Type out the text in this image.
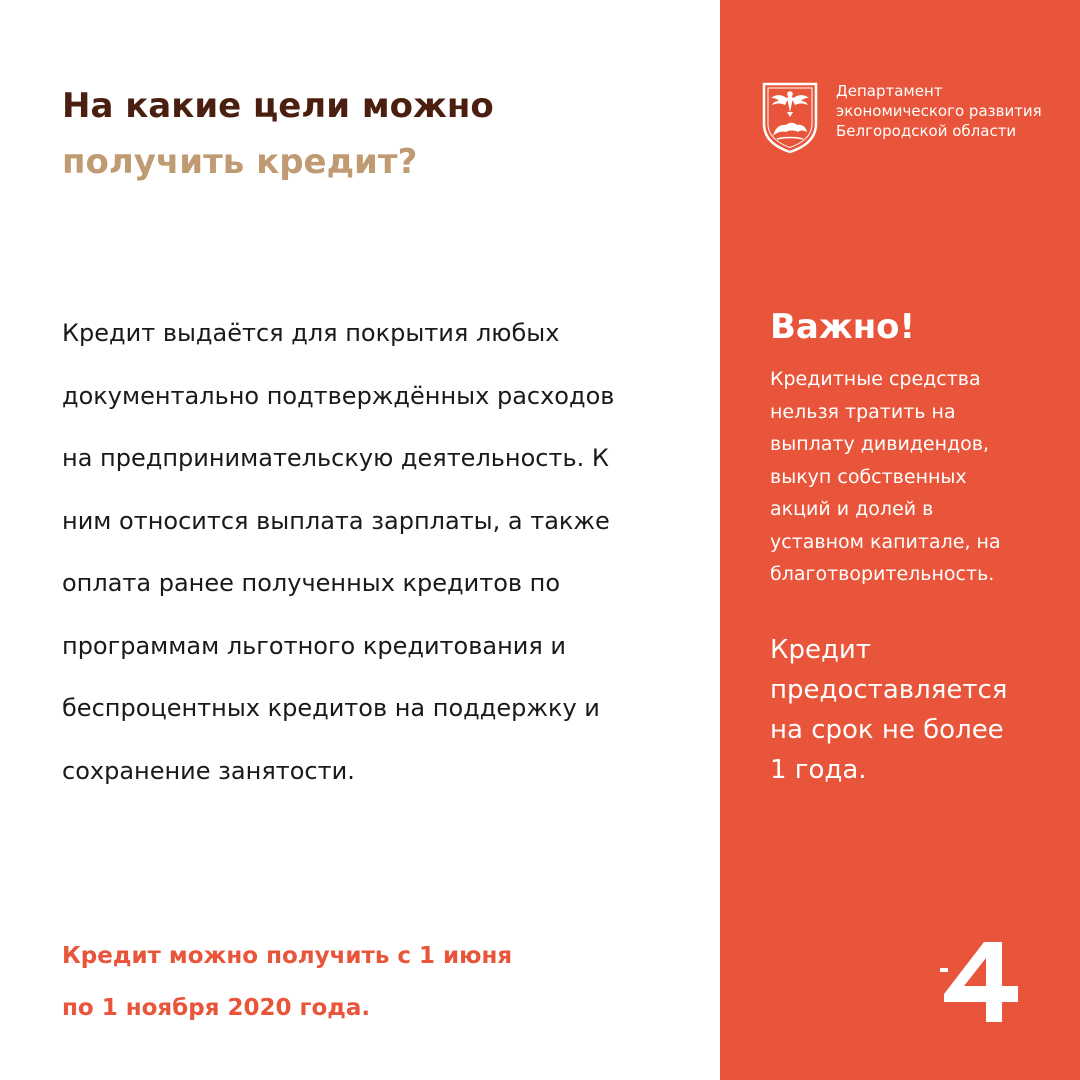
На какие цели можно
получить кредит?

Кредит выдаётся для покрытия любых
документально подтверждённых расходов
на предпринимательскую деятельность. К
ним относится выплата зарплаты, а также
оплата ранее полученных кредитов по
программам льготного кредитования и
беспроцентных кредитов на поддержку и
сохранение занятости.

Кредит можно получить с 1 июня
по 1 ноября 2020 года.

Департамент
экономического развития
Белгородской области

Важно!

Кредитные средства
нельзя тратить на
выплату дивидендов,
выкуп собственных
акций и долей в
уставном капитале, на
благотворительность.

Кредит
предоставляется
на срок не более
1 года.
